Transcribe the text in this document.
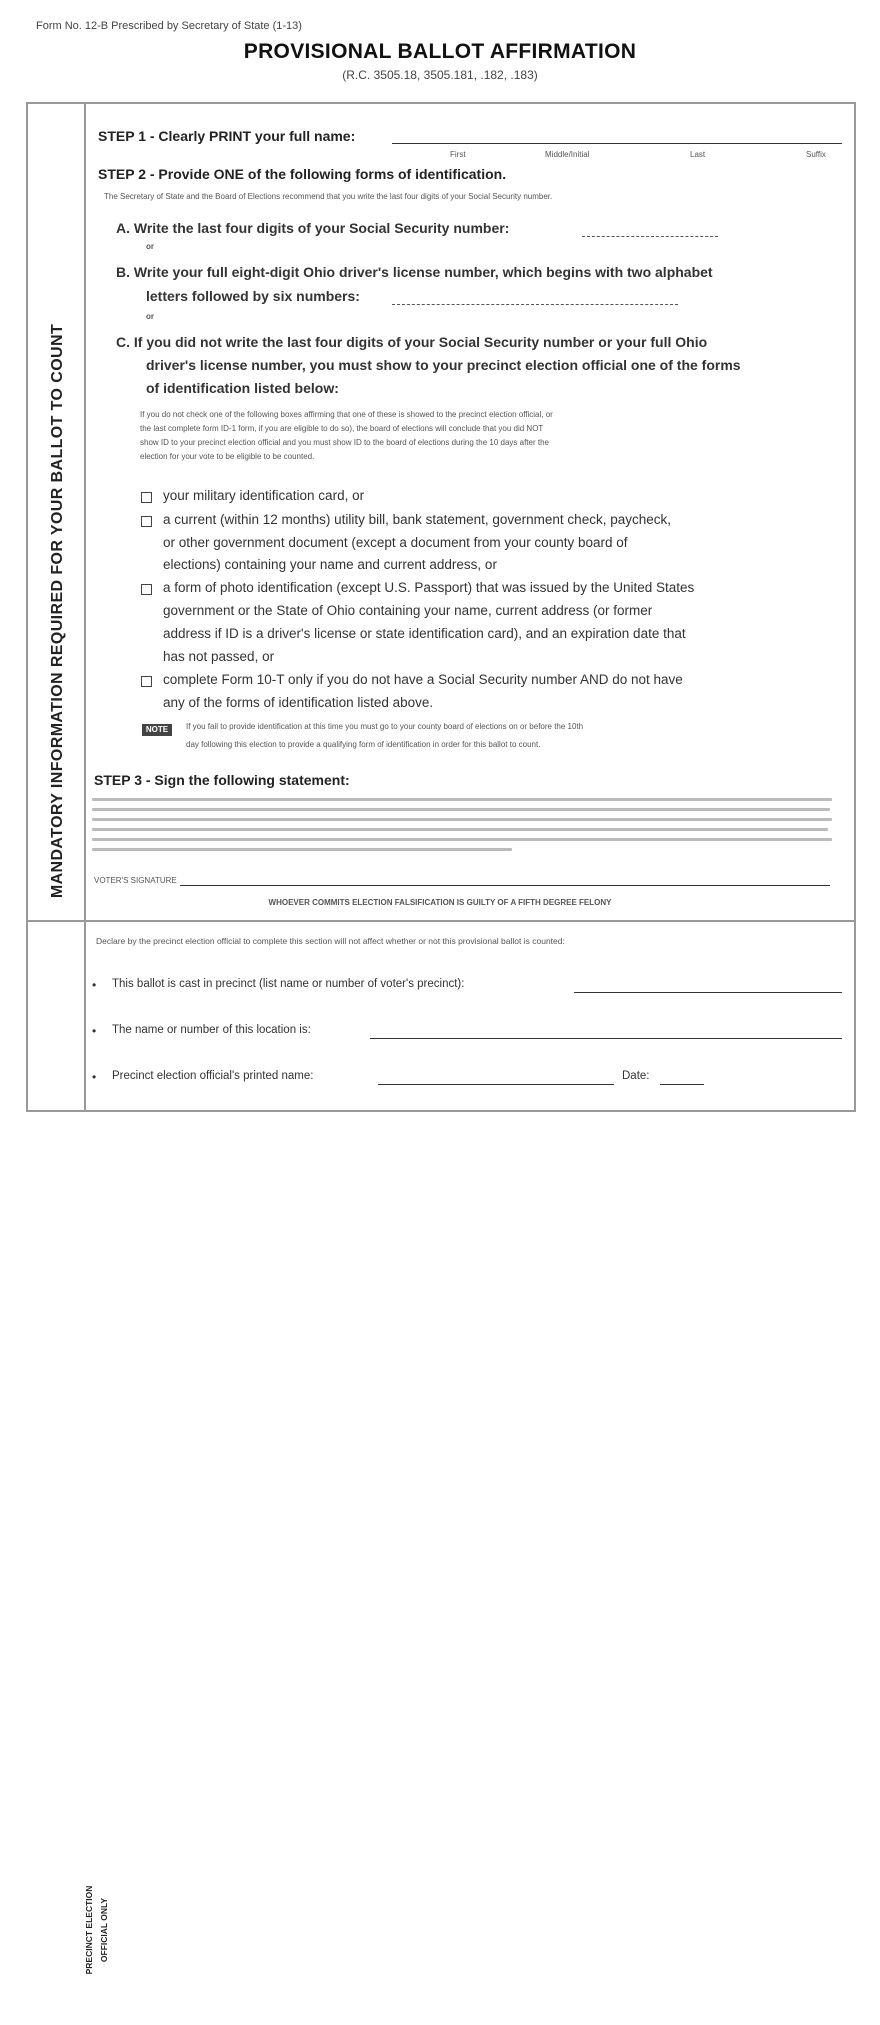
Form No. 12-B Prescribed by Secretary of State (1-13)
PROVISIONAL BALLOT AFFIRMATION
(R.C. 3505.18, 3505.181, .182, .183)
MANDATORY INFORMATION REQUIRED FOR YOUR BALLOT TO COUNT
PRECINCT ELECTION OFFICIAL ONLY
STEP 1 - Clearly PRINT your full name:
First	Middle/Initial	Last	Suffix
STEP 2 - Provide ONE of the following forms of identification.
The Secretary of State and the Board of Elections recommend that you write the last four digits of your Social Security number.
A. Write the last four digits of your Social Security number:
or
B. Write your full eight-digit Ohio driver's license number, which begins with two alphabet
letters followed by six numbers:
or
C. If you did not write the last four digits of your Social Security number or your full Ohio
driver's license number, you must show to your precinct election official one of the forms
of identification listed below:
If you do not check one of the following boxes affirming that one of these is showed to the precinct election official, or
the last complete form ID-1 form, if you are eligible to do so), the board of elections will conclude that you did NOT
show ID to your precinct election official and you must show ID to the board of elections during the 10 days after the
election for your vote to be eligible to be counted.
your military identification card, or
a current (within 12 months) utility bill, bank statement, government check, paycheck,
or other government document (except a document from your county board of
elections) containing your name and current address, or
a form of photo identification (except U.S. Passport) that was issued by the United States
government or the State of Ohio containing your name, current address (or former
address if ID is a driver's license or state identification card), and an expiration date that
has not passed, or
complete Form 10-T only if you do not have a Social Security number AND do not have
any of the forms of identification listed above.
NOTE	If you fail to provide identification at this time you must go to your county board of elections on or before the 10th
day following this election to provide a qualifying form of identification in order for this ballot to count.
STEP 3 - Sign the following statement:
VOTER'S SIGNATURE
WHOEVER COMMITS ELECTION FALSIFICATION IS GUILTY OF A FIFTH DEGREE FELONY
Declare by the precinct election official to complete this section will not affect whether or not this provisional ballot is counted:
• This ballot is cast in precinct (list name or number of voter's precinct):
• The name or number of this location is:
• Precinct election official's printed name:	Date:
